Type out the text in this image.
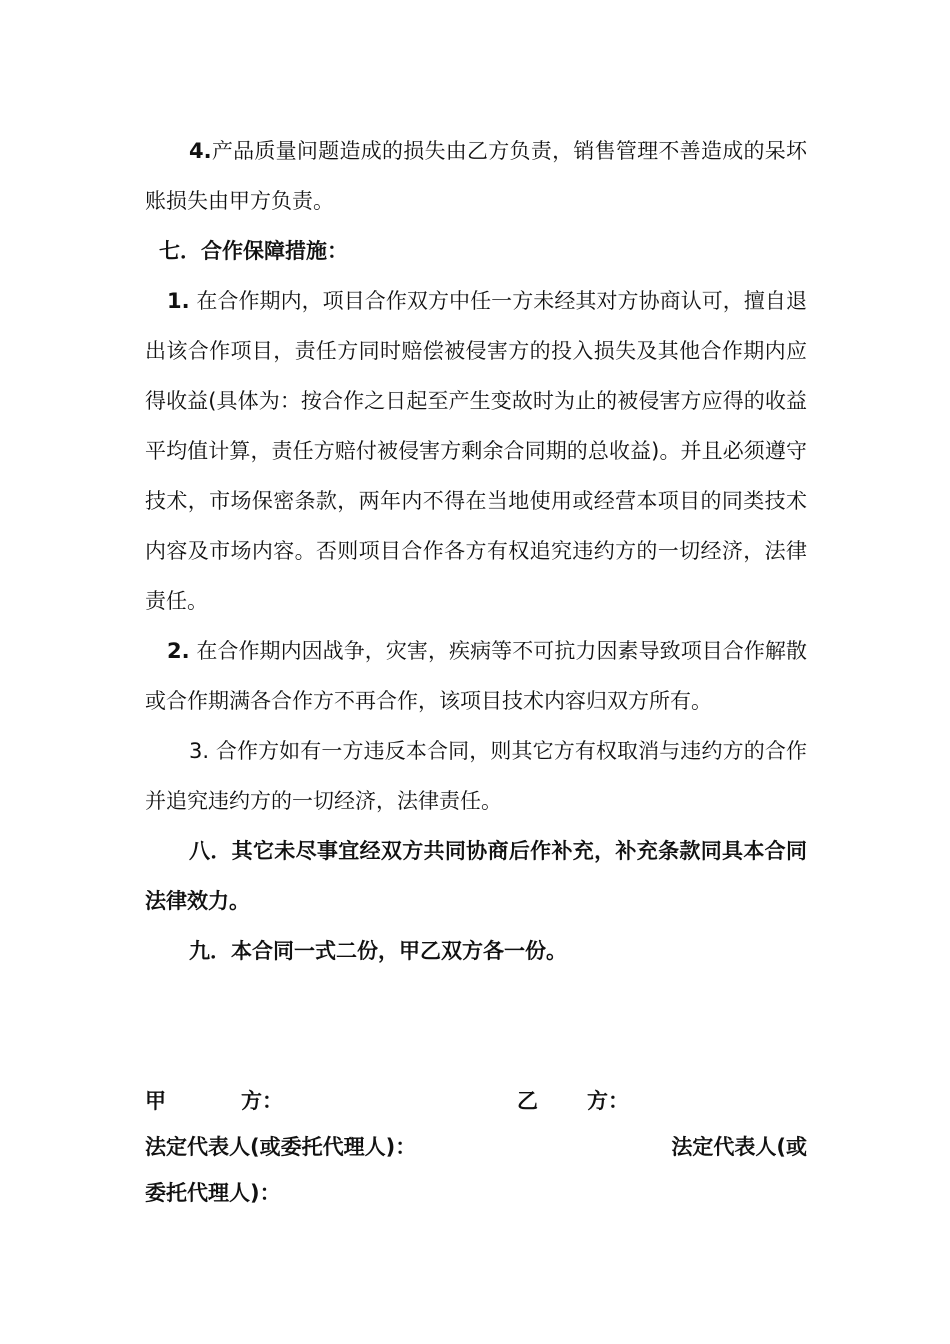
4.产品质量问题造成的损失由乙方负责，销售管理不善造成的呆坏账损失由甲方负责。

七．合作保障措施：

1. 在合作期内，项目合作双方中任一方未经其对方协商认可，擅自退出该合作项目，责任方同时赔偿被侵害方的投入损失及其他合作期内应得收益(具体为：按合作之日起至产生变故时为止的被侵害方应得的收益平均值计算，责任方赔付被侵害方剩余合同期的总收益)。并且必须遵守技术，市场保密条款，两年内不得在当地使用或经营本项目的同类技术内容及市场内容。否则项目合作各方有权追究违约方的一切经济，法律责任。

2. 在合作期内因战争，灾害，疾病等不可抗力因素导致项目合作解散或合作期满各合作方不再合作，该项目技术内容归双方所有。

3. 合作方如有一方违反本合同，则其它方有权取消与违约方的合作并追究违约方的一切经济，法律责任。

八．其它未尽事宜经双方共同协商后作补充，补充条款同具本合同法律效力。

九．本合同一式二份，甲乙双方各一份。

甲	方：	乙 方：
法定代表人(或委托代理人)：	法定代表人(或
委托代理人)：
